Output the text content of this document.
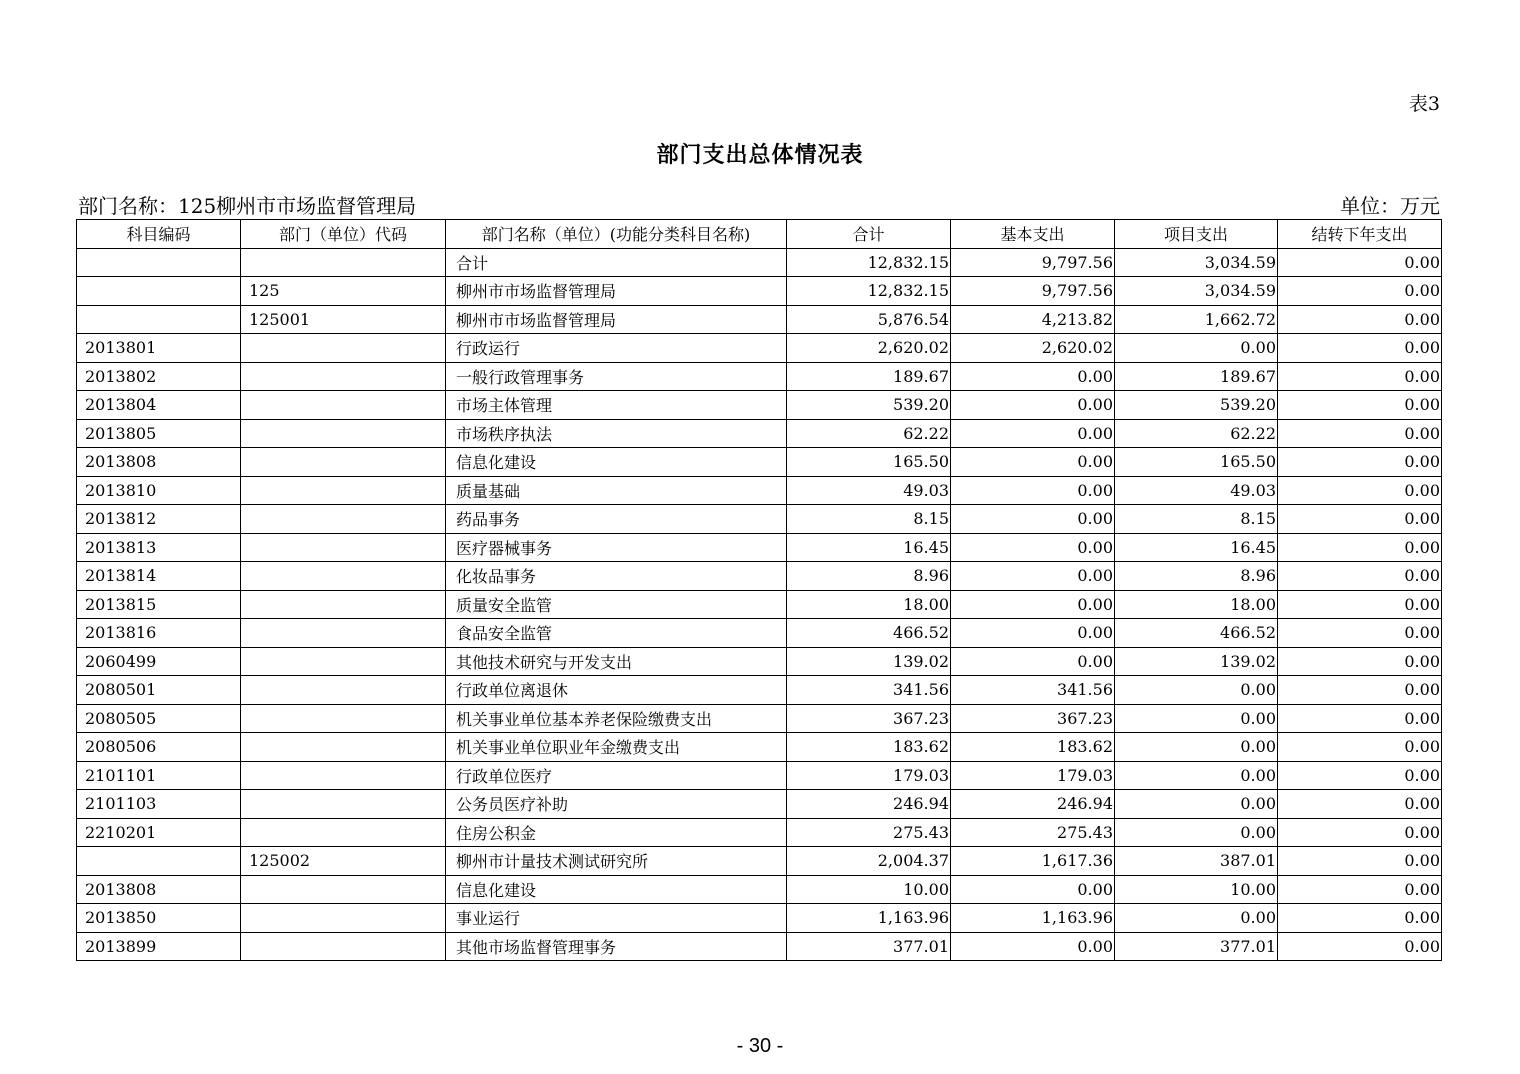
表3
部门支出总体情况表
部门名称：125柳州市市场监督管理局	单位：万元
科目编码	部门（单位）代码	部门名称（单位）(功能分类科目名称)	合计	基本支出	项目支出	结转下年支出
		合计	12,832.15	9,797.56	3,034.59	0.00
	125	柳州市市场监督管理局	12,832.15	9,797.56	3,034.59	0.00
	125001	柳州市市场监督管理局	5,876.54	4,213.82	1,662.72	0.00
2013801		行政运行	2,620.02	2,620.02	0.00	0.00
2013802		一般行政管理事务	189.67	0.00	189.67	0.00
2013804		市场主体管理	539.20	0.00	539.20	0.00
2013805		市场秩序执法	62.22	0.00	62.22	0.00
2013808		信息化建设	165.50	0.00	165.50	0.00
2013810		质量基础	49.03	0.00	49.03	0.00
2013812		药品事务	8.15	0.00	8.15	0.00
2013813		医疗器械事务	16.45	0.00	16.45	0.00
2013814		化妆品事务	8.96	0.00	8.96	0.00
2013815		质量安全监管	18.00	0.00	18.00	0.00
2013816		食品安全监管	466.52	0.00	466.52	0.00
2060499		其他技术研究与开发支出	139.02	0.00	139.02	0.00
2080501		行政单位离退休	341.56	341.56	0.00	0.00
2080505		机关事业单位基本养老保险缴费支出	367.23	367.23	0.00	0.00
2080506		机关事业单位职业年金缴费支出	183.62	183.62	0.00	0.00
2101101		行政单位医疗	179.03	179.03	0.00	0.00
2101103		公务员医疗补助	246.94	246.94	0.00	0.00
2210201		住房公积金	275.43	275.43	0.00	0.00
	125002	柳州市计量技术测试研究所	2,004.37	1,617.36	387.01	0.00
2013808		信息化建设	10.00	0.00	10.00	0.00
2013850		事业运行	1,163.96	1,163.96	0.00	0.00
2013899		其他市场监督管理事务	377.01	0.00	377.01	0.00
- 30 -
